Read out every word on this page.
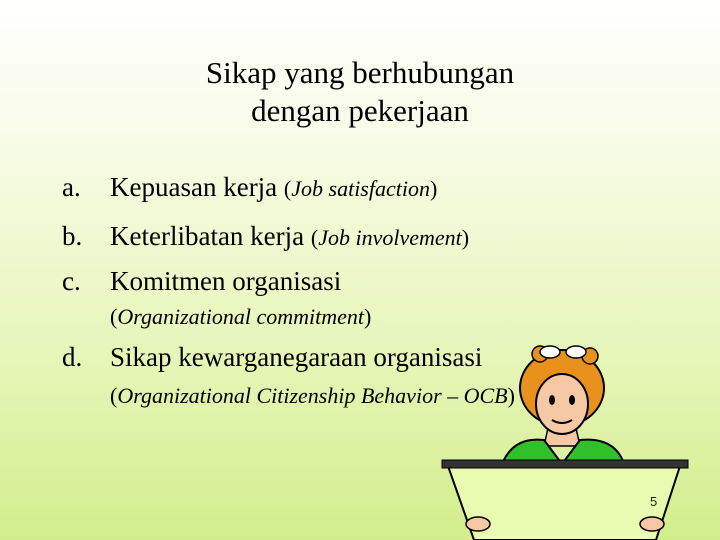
Sikap yang berhubungan
dengan pekerjaan
a. Kepuasan kerja (Job satisfaction)
b. Keterlibatan kerja (Job involvement)
c. Komitmen organisasi
(Organizational commitment)
d. Sikap kewarganegaraan organisasi
(Organizational Citizenship Behavior – OCB)
5
